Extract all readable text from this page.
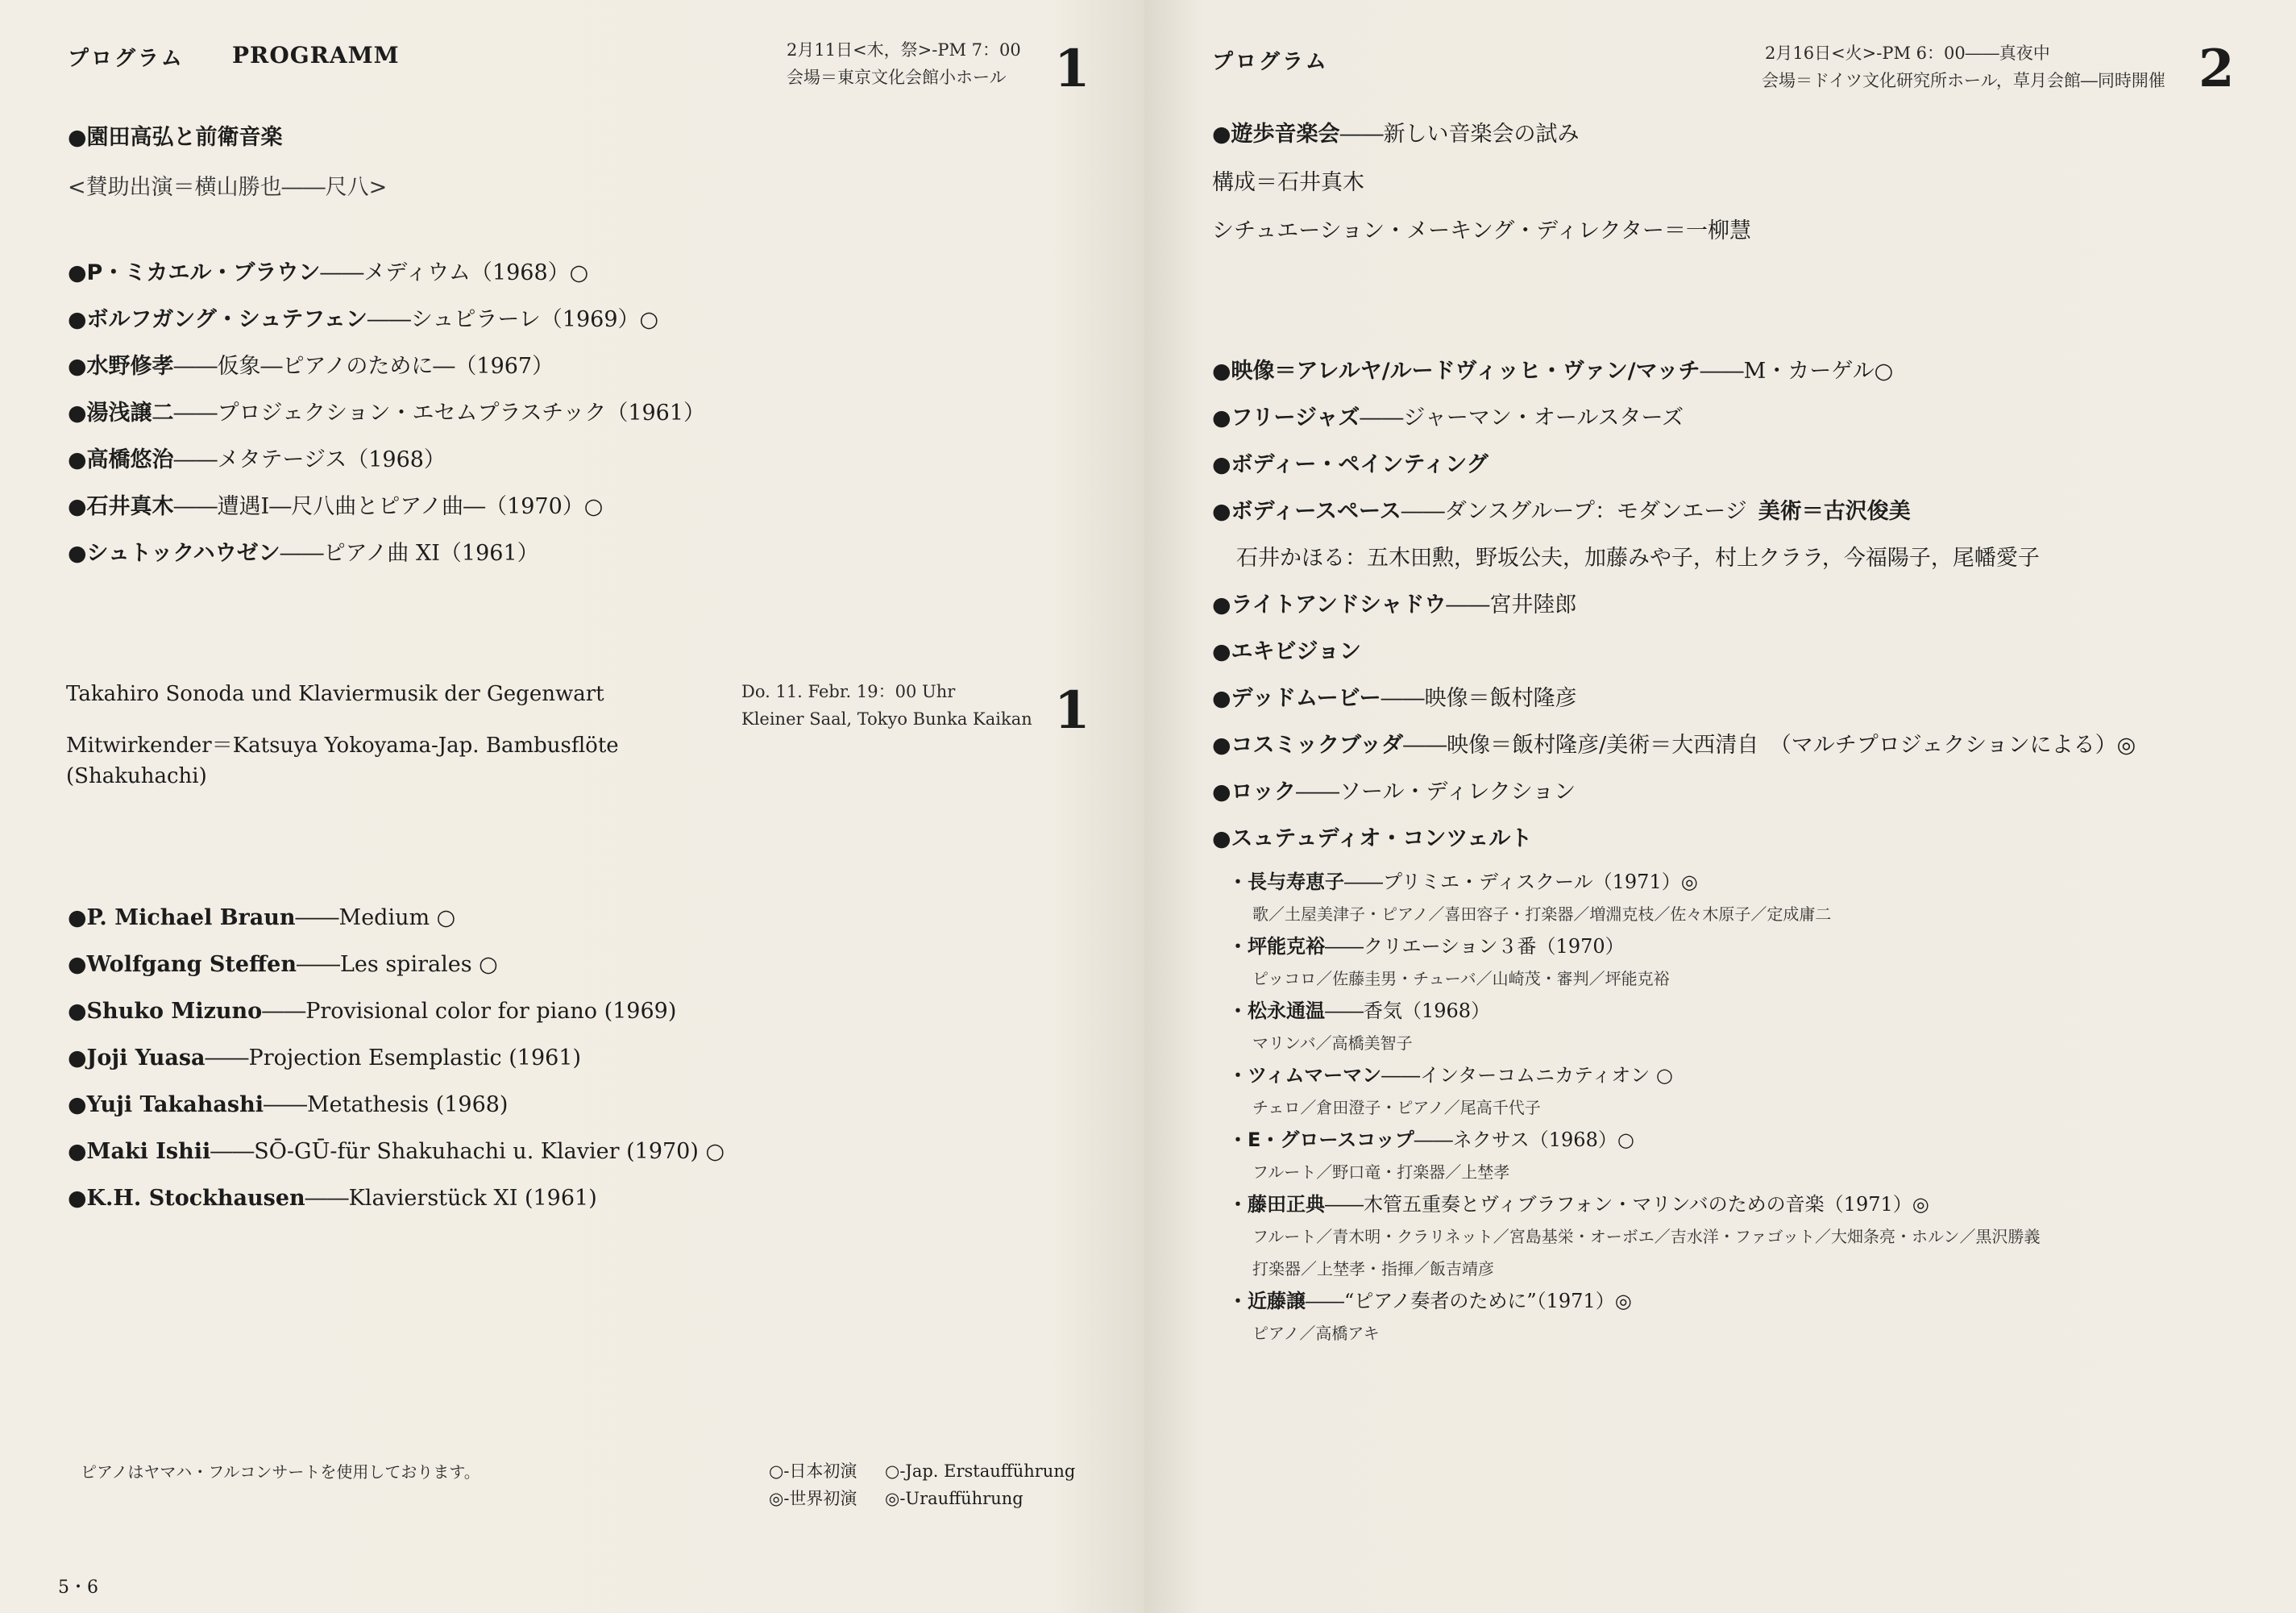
プログラム PROGRAMM	2月11日<木，祭>-PM 7：00
会場＝東京文化会館小ホール 1
●園田高弘と前衛音楽
<賛助出演＝横山勝也――尺八>
●P・ミカエル・ブラウン――メディウム（1968）○
●ボルフガング・シュテフェン――シュピラーレ（1969）○
●水野修孝――仮象―ピアノのために―（1967）
●湯浅譲二――プロジェクション・エセムプラスチック（1961）
●高橋悠治――メタテージス（1968）
●石井真木――遭遇Ⅰ―尺八曲とピアノ曲―（1970）○
●シュトックハウゼン――ピアノ曲 XI（1961）
Takahiro Sonoda und Klaviermusik der Gegenwart
Mitwirkender＝Katsuya Yokoyama-Jap. Bambusflöte
(Shakuhachi)
Do. 11. Febr. 19：00 Uhr
Kleiner Saal, Tokyo Bunka Kaikan 1
●P. Michael Braun――Medium ○
●Wolfgang Steffen――Les spirales ○
●Shuko Mizuno――Provisional color for piano (1969)
●Joji Yuasa――Projection Esemplastic (1961)
●Yuji Takahashi――Metathesis (1968)
●Maki Ishii――SŌ-GŪ-für Shakuhachi u. Klavier (1970) ○
●K.H. Stockhausen――Klavierstück XI (1961)
ピアノはヤマハ・フルコンサートを使用しております。	○-日本初演 ○-Jap. Erstaufführung
◎-世界初演 ◎-Uraufführung
5・6
プログラム	2月16日<火>-PM 6：00――真夜中
会場＝ドイツ文化研究所ホール，草月会館―同時開催 2
●遊歩音楽会――新しい音楽会の試み
構成＝石井真木
シチュエーション・メーキング・ディレクター＝一柳慧
●映像＝アレルヤ/ルードヴィッヒ・ヴァン/マッチ――M・カーゲル○
●フリージャズ――ジャーマン・オールスターズ
●ボディー・ペインティング
●ボディースペース――ダンスグループ：モダンエージ 美術＝古沢俊美
石井かほる：五木田勲，野坂公夫，加藤みや子，村上クララ，今福陽子，尾幡愛子
●ライトアンドシャドウ――宮井陸郎
●エキビジョン
●デッドムービー――映像＝飯村隆彦
●コスミックブッダ――映像＝飯村隆彦/美術＝大西清自　（マルチプロジェクションによる）◎
●ロック――ソール・ディレクション
●スュテュディオ・コンツェルト
・長与寿恵子――プリミエ・ディスクール（1971）◎
歌／土屋美津子・ピアノ／喜田容子・打楽器／増淵克枝／佐々木原子／定成庸二
・坪能克裕――クリエーション３番（1970）
ピッコロ／佐藤圭男・チューバ／山崎茂・審判／坪能克裕
・松永通温――香気（1968）
マリンバ／高橋美智子
・ツィムマーマン――インターコムニカティオン ○
チェロ／倉田澄子・ピアノ／尾高千代子
・E・グロースコップ――ネクサス（1968）○
フルート／野口竜・打楽器／上埜孝
・藤田正典――木管五重奏とヴィブラフォン・マリンバのための音楽（1971）◎
フルート／青木明・クラリネット／宮島基栄・オーボエ／吉水洋・ファゴット／大畑条亮・ホルン／黒沢勝義
打楽器／上埜孝・指揮／飯吉靖彦
・近藤譲――“ピアノ奏者のために”（1971）◎
ピアノ／高橋アキ
